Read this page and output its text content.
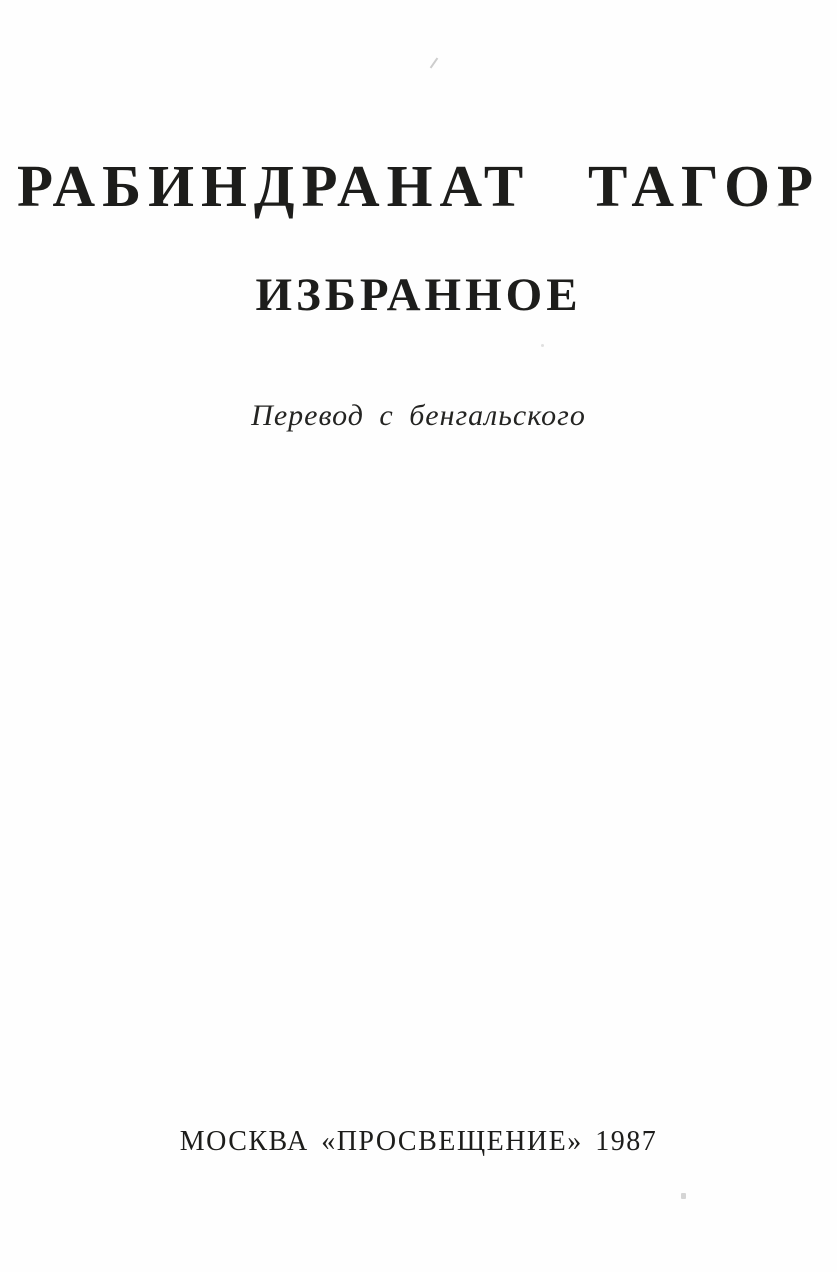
РАБИНДРАНАТ ТАГОР
ИЗБРАННОЕ
Перевод с бенгальского
МОСКВА «ПРОСВЕЩЕНИЕ» 1987
